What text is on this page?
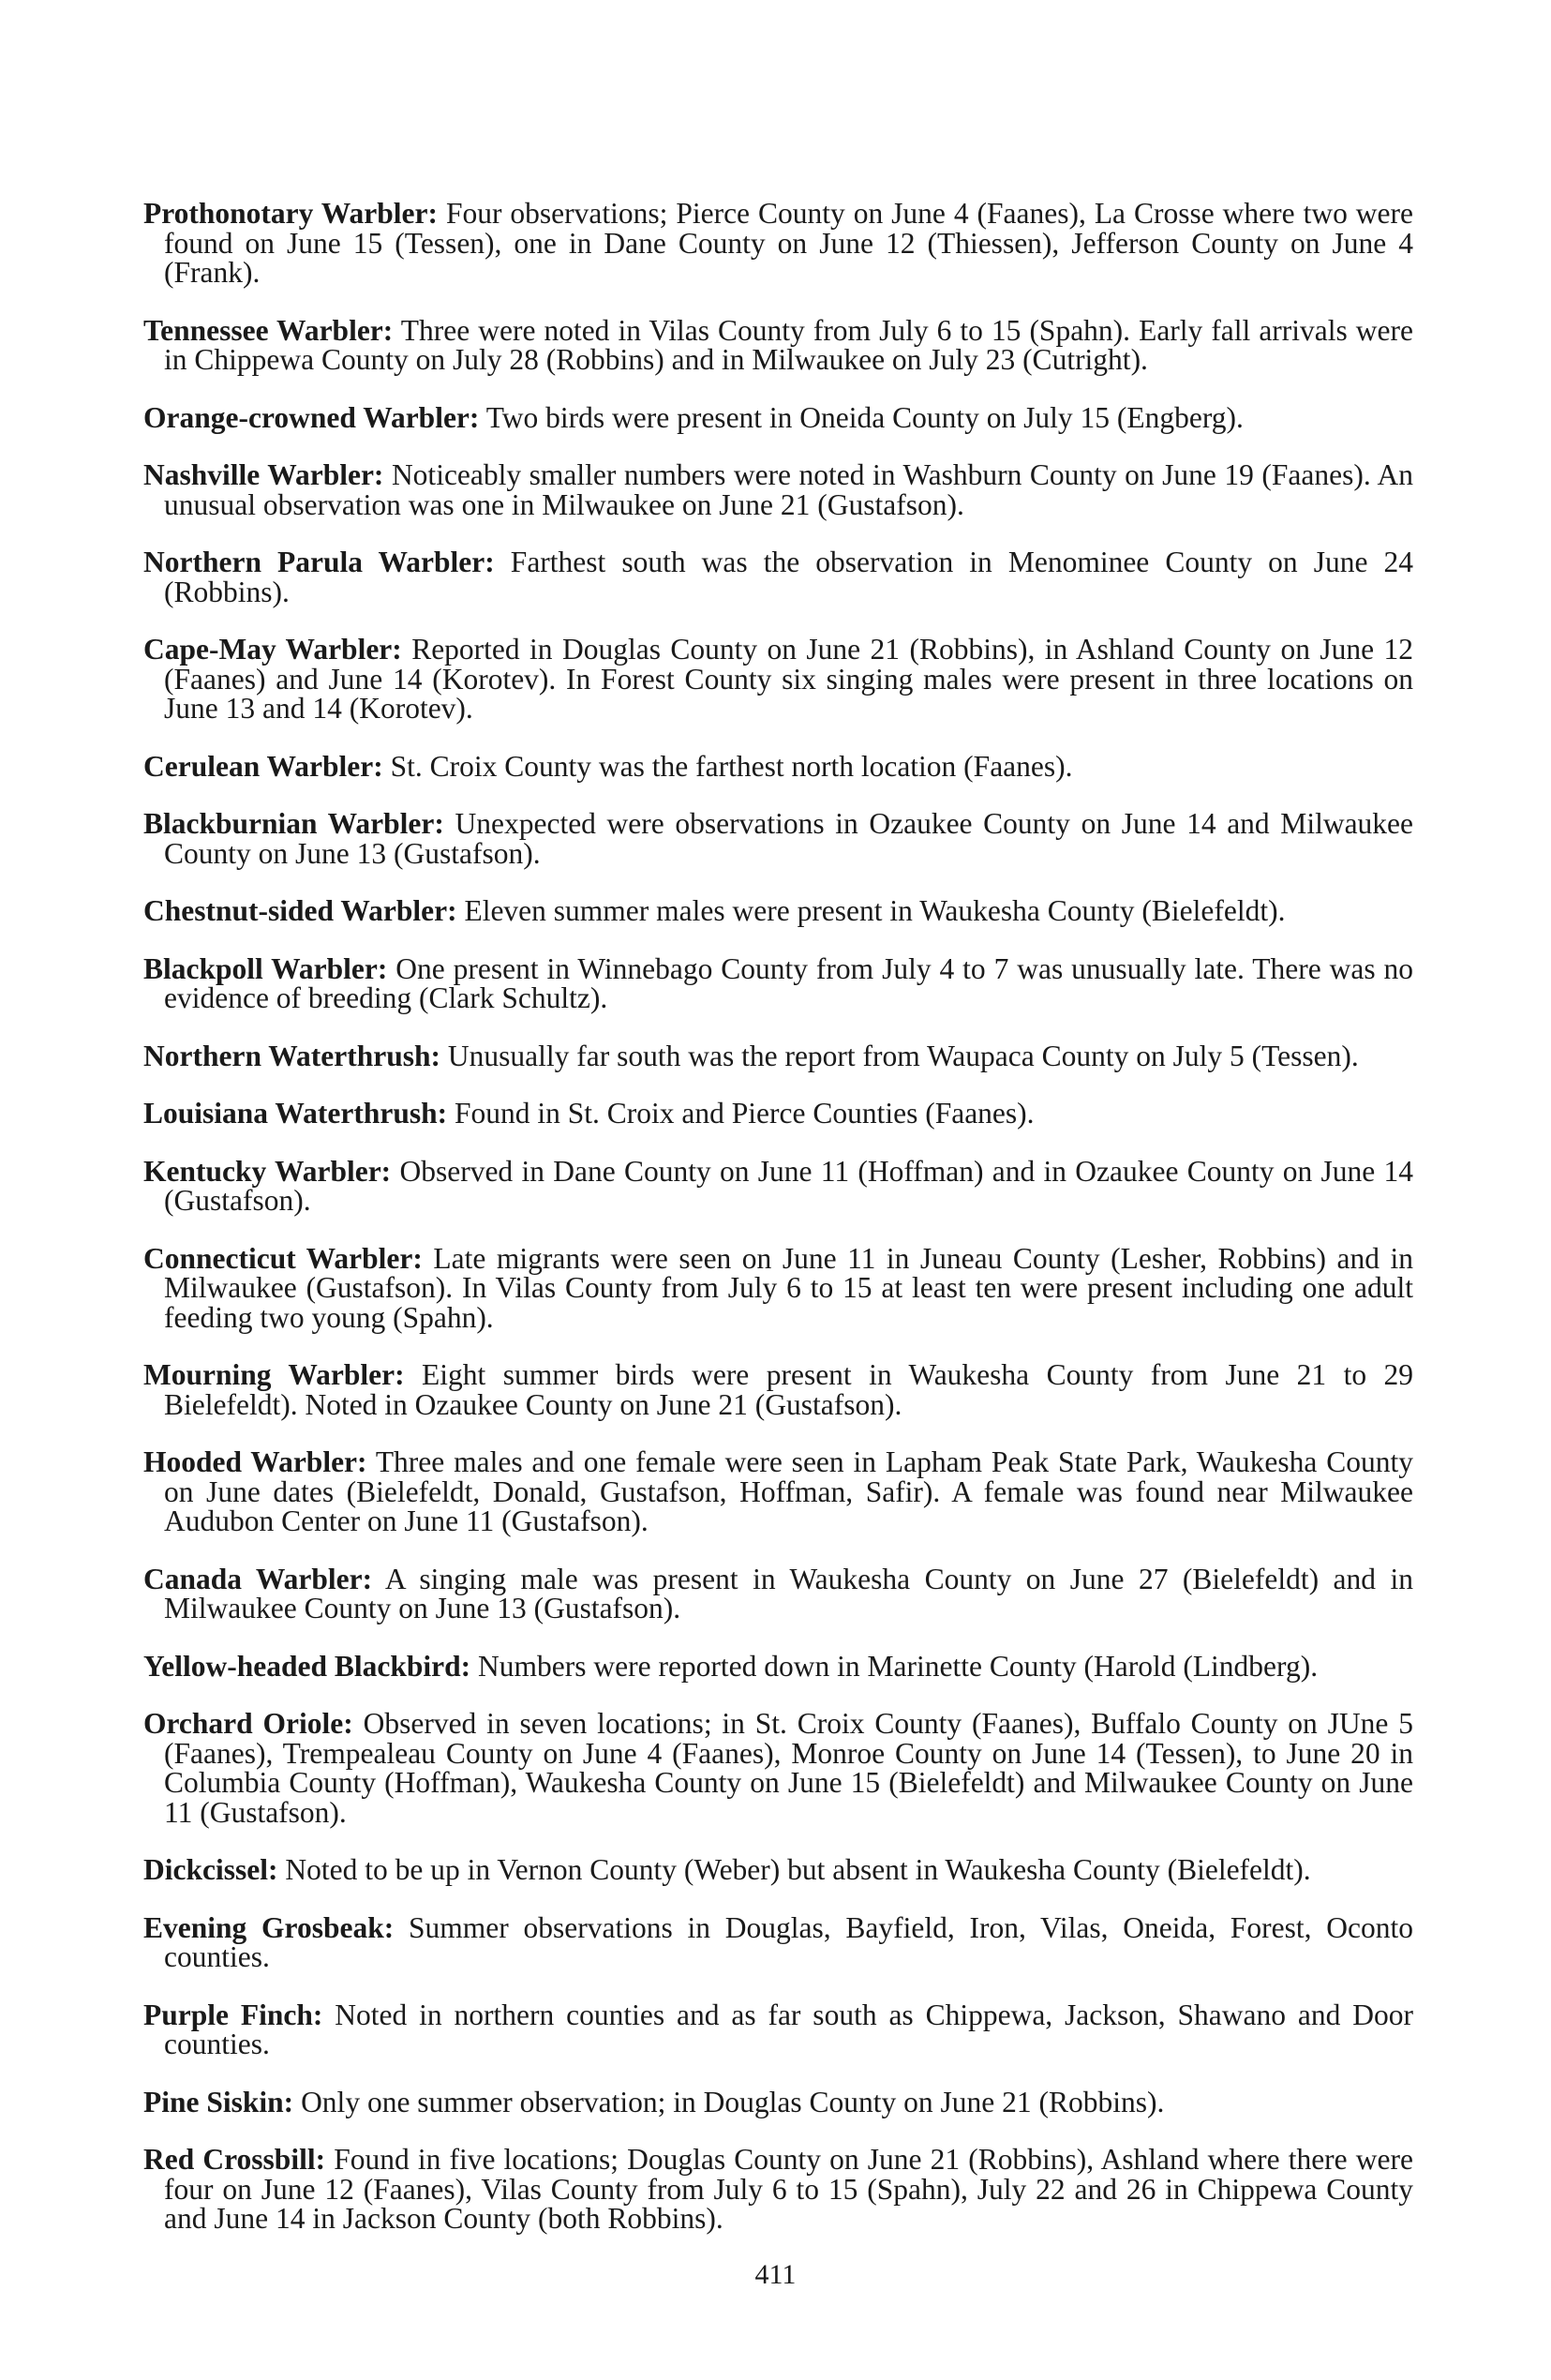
Prothonotary Warbler: Four observations; Pierce County on June 4 (Faanes), La Crosse where two were found on June 15 (Tessen), one in Dane County on June 12 (Thiessen), Jefferson County on June 4 (Frank).

Tennessee Warbler: Three were noted in Vilas County from July 6 to 15 (Spahn). Early fall arrivals were in Chippewa County on July 28 (Robbins) and in Milwaukee on July 23 (Cutright).

Orange-crowned Warbler: Two birds were present in Oneida County on July 15 (Engberg).

Nashville Warbler: Noticeably smaller numbers were noted in Washburn County on June 19 (Faanes). An unusual observation was one in Milwaukee on June 21 (Gustafson).

Northern Parula Warbler: Farthest south was the observation in Menominee County on June 24 (Robbins).

Cape-May Warbler: Reported in Douglas County on June 21 (Robbins), in Ashland County on June 12 (Faanes) and June 14 (Korotev). In Forest County six singing males were present in three locations on June 13 and 14 (Korotev).

Cerulean Warbler: St. Croix County was the farthest north location (Faanes).

Blackburnian Warbler: Unexpected were observations in Ozaukee County on June 14 and Milwaukee County on June 13 (Gustafson).

Chestnut-sided Warbler: Eleven summer males were present in Waukesha County (Bielefeldt).

Blackpoll Warbler: One present in Winnebago County from July 4 to 7 was unusually late. There was no evidence of breeding (Clark Schultz).

Northern Waterthrush: Unusually far south was the report from Waupaca County on July 5 (Tessen).

Louisiana Waterthrush: Found in St. Croix and Pierce Counties (Faanes).

Kentucky Warbler: Observed in Dane County on June 11 (Hoffman) and in Ozaukee County on June 14 (Gustafson).

Connecticut Warbler: Late migrants were seen on June 11 in Juneau County (Lesher, Robbins) and in Milwaukee (Gustafson). In Vilas County from July 6 to 15 at least ten were present including one adult feeding two young (Spahn).

Mourning Warbler: Eight summer birds were present in Waukesha County from June 21 to 29 Bielefeldt). Noted in Ozaukee County on June 21 (Gustafson).

Hooded Warbler: Three males and one female were seen in Lapham Peak State Park, Waukesha County on June dates (Bielefeldt, Donald, Gustafson, Hoffman, Safir). A female was found near Milwaukee Audubon Center on June 11 (Gustafson).

Canada Warbler: A singing male was present in Waukesha County on June 27 (Bielefeldt) and in Milwaukee County on June 13 (Gustafson).

Yellow-headed Blackbird: Numbers were reported down in Marinette County (Harold (Lindberg).

Orchard Oriole: Observed in seven locations; in St. Croix County (Faanes), Buffalo County on JUne 5 (Faanes), Trempealeau County on June 4 (Faanes), Monroe County on June 14 (Tessen), to June 20 in Columbia County (Hoffman), Waukesha County on June 15 (Bielefeldt) and Milwaukee County on June 11 (Gustafson).

Dickcissel: Noted to be up in Vernon County (Weber) but absent in Waukesha County (Bielefeldt).

Evening Grosbeak: Summer observations in Douglas, Bayfield, Iron, Vilas, Oneida, Forest, Oconto counties.

Purple Finch: Noted in northern counties and as far south as Chippewa, Jackson, Shawano and Door counties.

Pine Siskin: Only one summer observation; in Douglas County on June 21 (Robbins).

Red Crossbill: Found in five locations; Douglas County on June 21 (Robbins), Ashland where there were four on June 12 (Faanes), Vilas County from July 6 to 15 (Spahn), July 22 and 26 in Chippewa County and June 14 in Jackson County (both Robbins).

411
